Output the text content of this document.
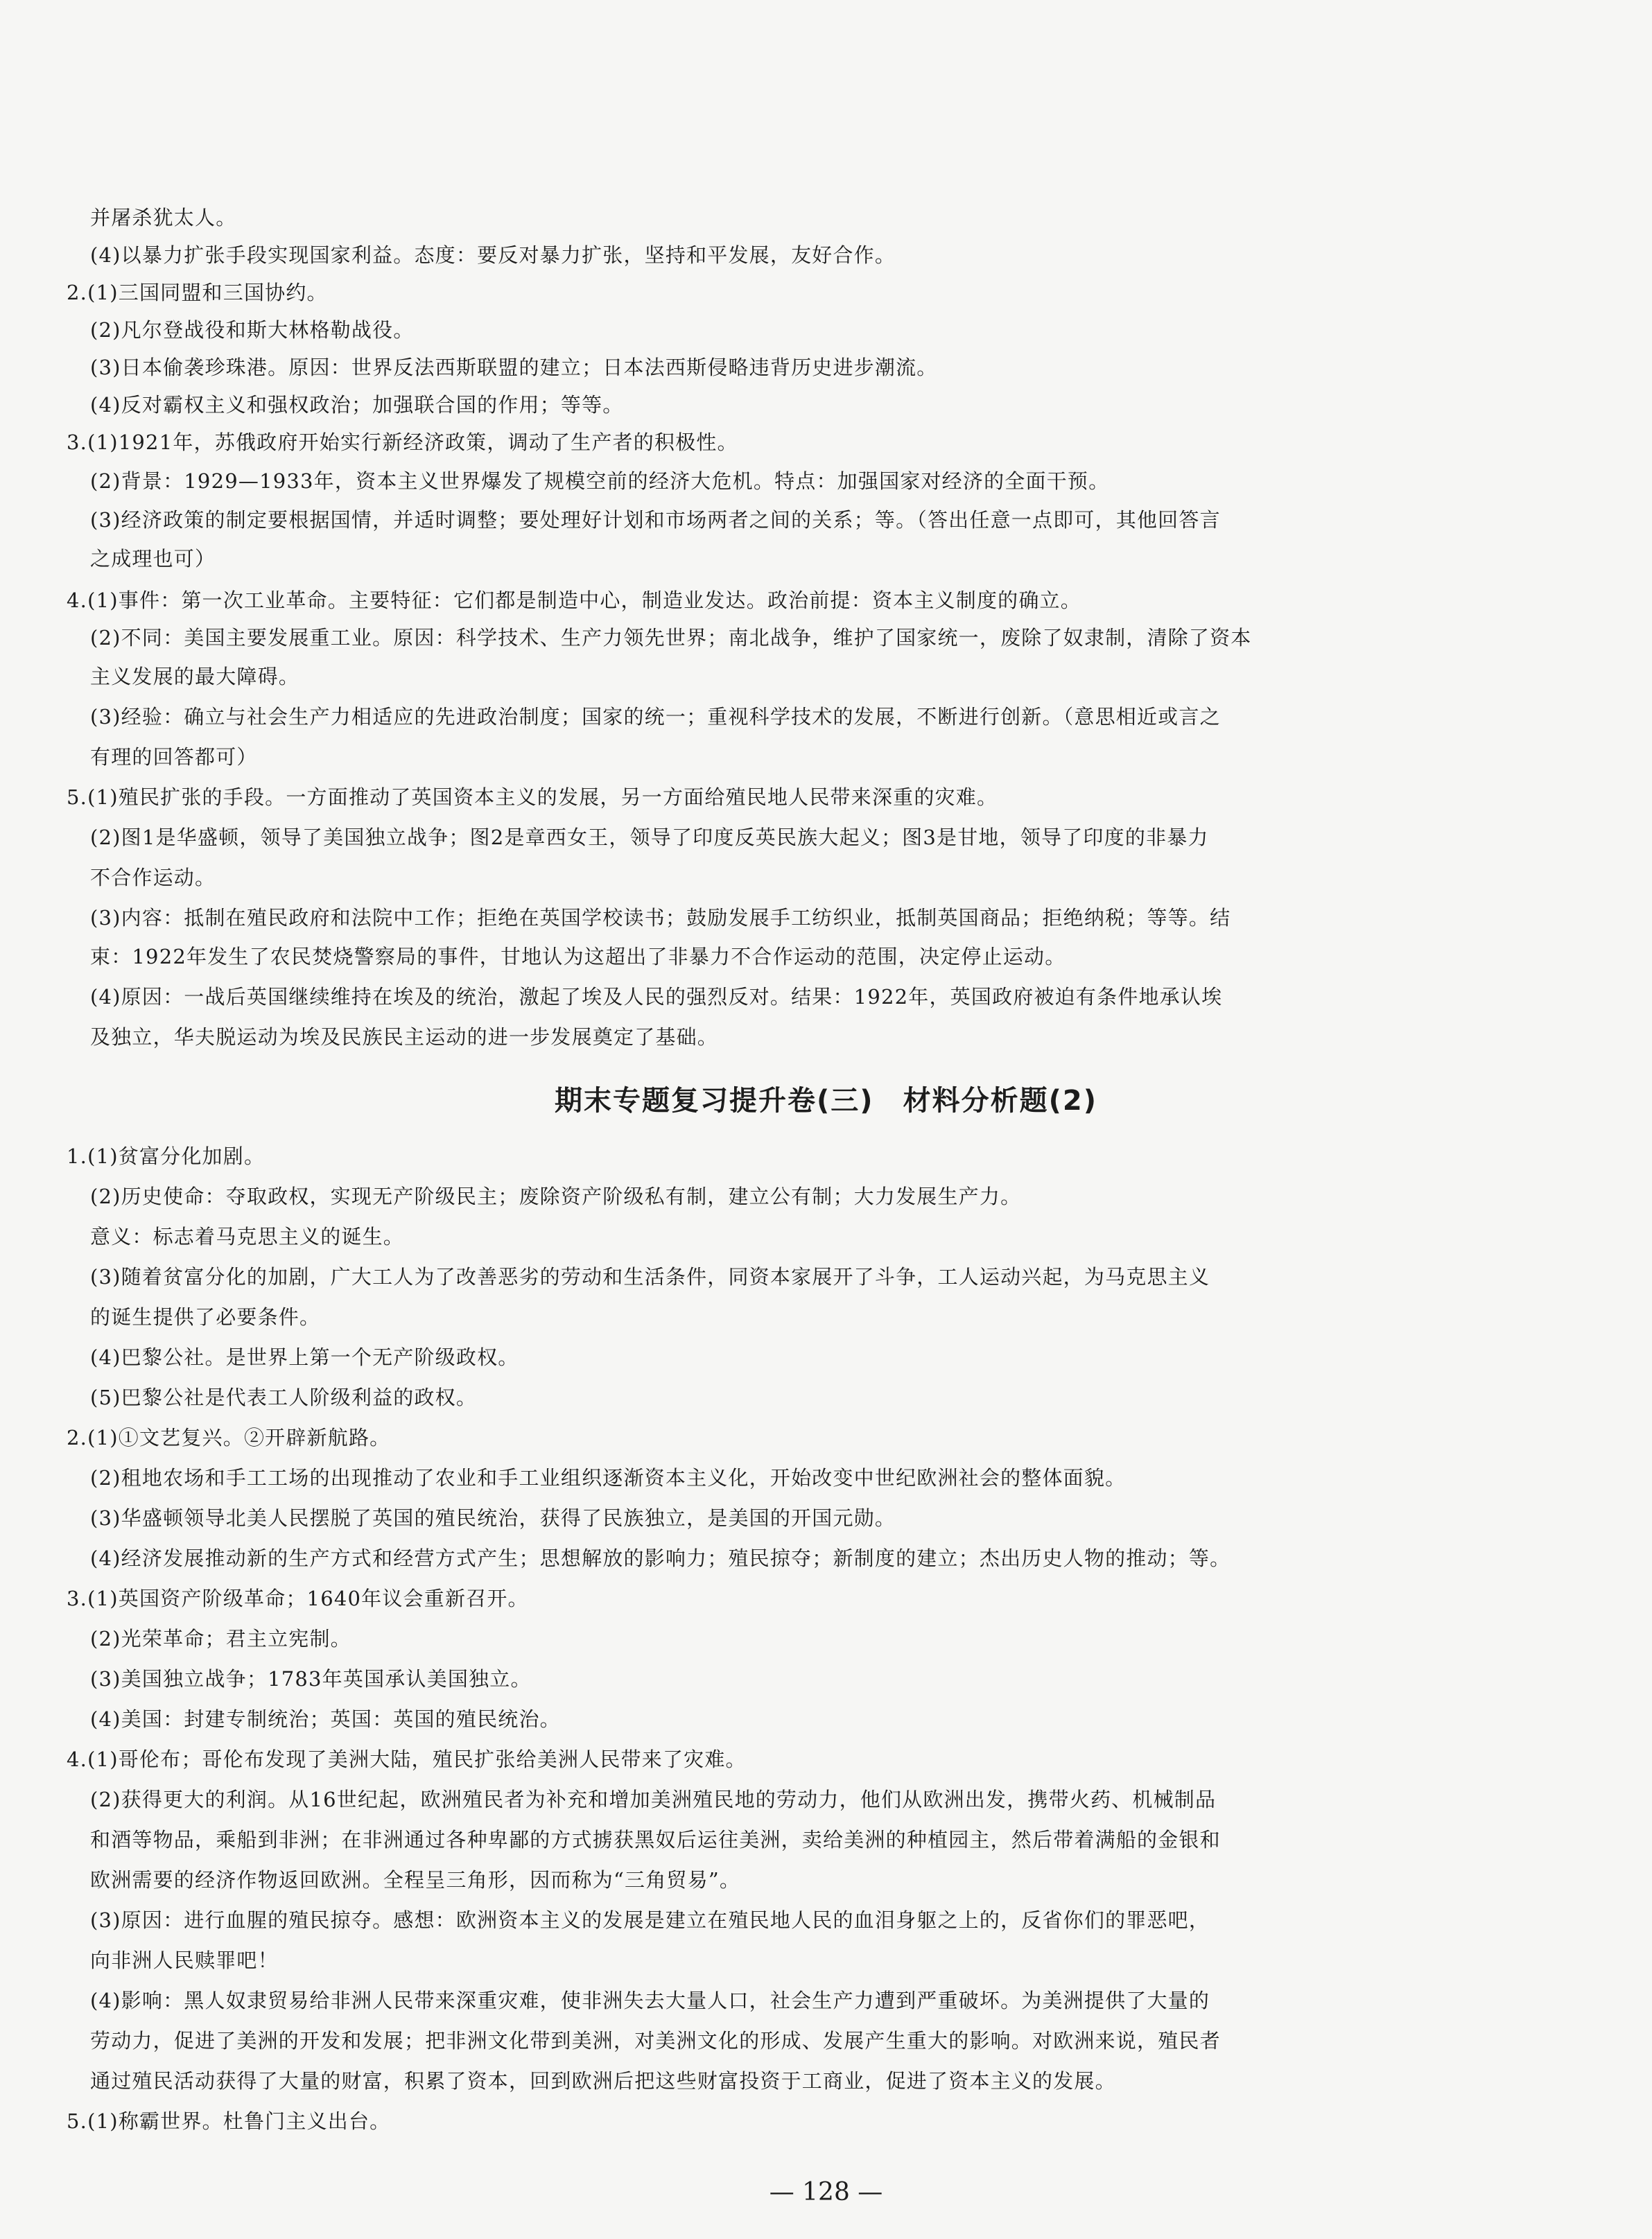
并屠杀犹太人。
(4)以暴力扩张手段实现国家利益。态度：要反对暴力扩张，坚持和平发展，友好合作。
2.(1)三国同盟和三国协约。
(2)凡尔登战役和斯大林格勒战役。
(3)日本偷袭珍珠港。原因：世界反法西斯联盟的建立；日本法西斯侵略违背历史进步潮流。
(4)反对霸权主义和强权政治；加强联合国的作用；等等。
3.(1)1921年，苏俄政府开始实行新经济政策，调动了生产者的积极性。
(2)背景：1929—1933年，资本主义世界爆发了规模空前的经济大危机。特点：加强国家对经济的全面干预。
(3)经济政策的制定要根据国情，并适时调整；要处理好计划和市场两者之间的关系；等。（答出任意一点即可，其他回答言
之成理也可）
4.(1)事件：第一次工业革命。主要特征：它们都是制造中心，制造业发达。政治前提：资本主义制度的确立。
(2)不同：美国主要发展重工业。原因：科学技术、生产力领先世界；南北战争，维护了国家统一，废除了奴隶制，清除了资本
主义发展的最大障碍。
(3)经验：确立与社会生产力相适应的先进政治制度；国家的统一；重视科学技术的发展，不断进行创新。（意思相近或言之
有理的回答都可）
5.(1)殖民扩张的手段。一方面推动了英国资本主义的发展，另一方面给殖民地人民带来深重的灾难。
(2)图1是华盛顿，领导了美国独立战争；图2是章西女王，领导了印度反英民族大起义；图3是甘地，领导了印度的非暴力
不合作运动。
(3)内容：抵制在殖民政府和法院中工作；拒绝在英国学校读书；鼓励发展手工纺织业，抵制英国商品；拒绝纳税；等等。结
束：1922年发生了农民焚烧警察局的事件，甘地认为这超出了非暴力不合作运动的范围，决定停止运动。
(4)原因：一战后英国继续维持在埃及的统治，激起了埃及人民的强烈反对。结果：1922年，英国政府被迫有条件地承认埃
及独立，华夫脱运动为埃及民族民主运动的进一步发展奠定了基础。
期末专题复习提升卷(三)　材料分析题(2)
1.(1)贫富分化加剧。
(2)历史使命：夺取政权，实现无产阶级民主；废除资产阶级私有制，建立公有制；大力发展生产力。
意义：标志着马克思主义的诞生。
(3)随着贫富分化的加剧，广大工人为了改善恶劣的劳动和生活条件，同资本家展开了斗争，工人运动兴起，为马克思主义
的诞生提供了必要条件。
(4)巴黎公社。是世界上第一个无产阶级政权。
(5)巴黎公社是代表工人阶级利益的政权。
2.(1)①文艺复兴。②开辟新航路。
(2)租地农场和手工工场的出现推动了农业和手工业组织逐渐资本主义化，开始改变中世纪欧洲社会的整体面貌。
(3)华盛顿领导北美人民摆脱了英国的殖民统治，获得了民族独立，是美国的开国元勋。
(4)经济发展推动新的生产方式和经营方式产生；思想解放的影响力；殖民掠夺；新制度的建立；杰出历史人物的推动；等。
3.(1)英国资产阶级革命；1640年议会重新召开。
(2)光荣革命；君主立宪制。
(3)美国独立战争；1783年英国承认美国独立。
(4)美国：封建专制统治；英国：英国的殖民统治。
4.(1)哥伦布；哥伦布发现了美洲大陆，殖民扩张给美洲人民带来了灾难。
(2)获得更大的利润。从16世纪起，欧洲殖民者为补充和增加美洲殖民地的劳动力，他们从欧洲出发，携带火药、机械制品
和酒等物品，乘船到非洲；在非洲通过各种卑鄙的方式掳获黑奴后运往美洲，卖给美洲的种植园主，然后带着满船的金银和
欧洲需要的经济作物返回欧洲。全程呈三角形，因而称为“三角贸易”。
(3)原因：进行血腥的殖民掠夺。感想：欧洲资本主义的发展是建立在殖民地人民的血泪身躯之上的，反省你们的罪恶吧，
向非洲人民赎罪吧！
(4)影响：黑人奴隶贸易给非洲人民带来深重灾难，使非洲失去大量人口，社会生产力遭到严重破坏。为美洲提供了大量的
劳动力，促进了美洲的开发和发展；把非洲文化带到美洲，对美洲文化的形成、发展产生重大的影响。对欧洲来说，殖民者
通过殖民活动获得了大量的财富，积累了资本，回到欧洲后把这些财富投资于工商业，促进了资本主义的发展。
5.(1)称霸世界。杜鲁门主义出台。
— 128 —
